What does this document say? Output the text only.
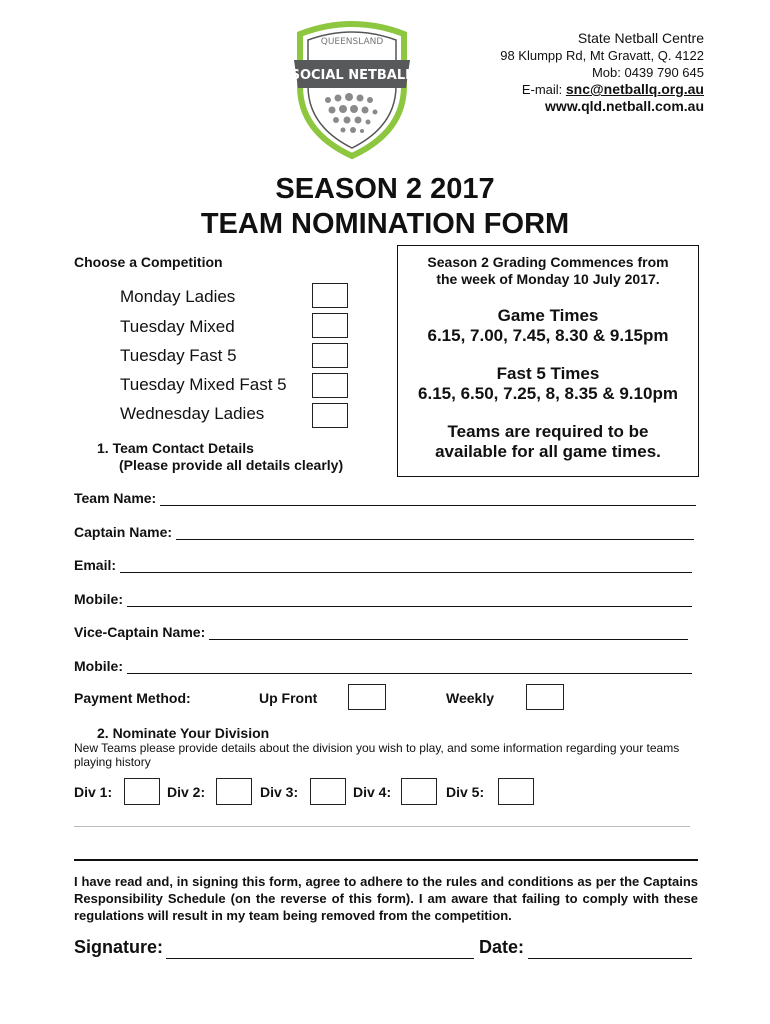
QUEENSLAND
SOCIAL NETBALL
State Netball Centre
98 Klumpp Rd, Mt Gravatt, Q. 4122
Mob: 0439 790 645
E-mail: snc@netballq.org.au
www.qld.netball.com.au
SEASON 2 2017
TEAM NOMINATION FORM
Choose a Competition
Monday Ladies
Tuesday Mixed
Tuesday Fast 5
Tuesday Mixed Fast 5
Wednesday Ladies
Season 2 Grading Commences from
the week of Monday 10 July 2017.
Game Times
6.15, 7.00, 7.45, 8.30 & 9.15pm
Fast 5 Times
6.15, 6.50, 7.25, 8, 8.35 & 9.10pm
Teams are required to be
available for all game times.
1. Team Contact Details
(Please provide all details clearly)
Team Name:
Captain Name:
Email:
Mobile:
Vice-Captain Name:
Mobile:
Payment Method:	Up Front	Weekly
2. Nominate Your Division
New Teams please provide details about the division you wish to play, and some information regarding your teams playing history
Div 1:	Div 2:	Div 3:	Div 4:	Div 5:
I have read and, in signing this form, agree to adhere to the rules and conditions as per the Captains Responsibility Schedule (on the reverse of this form). I am aware that failing to comply with these regulations will result in my team being removed from the competition.
Signature:	Date:
